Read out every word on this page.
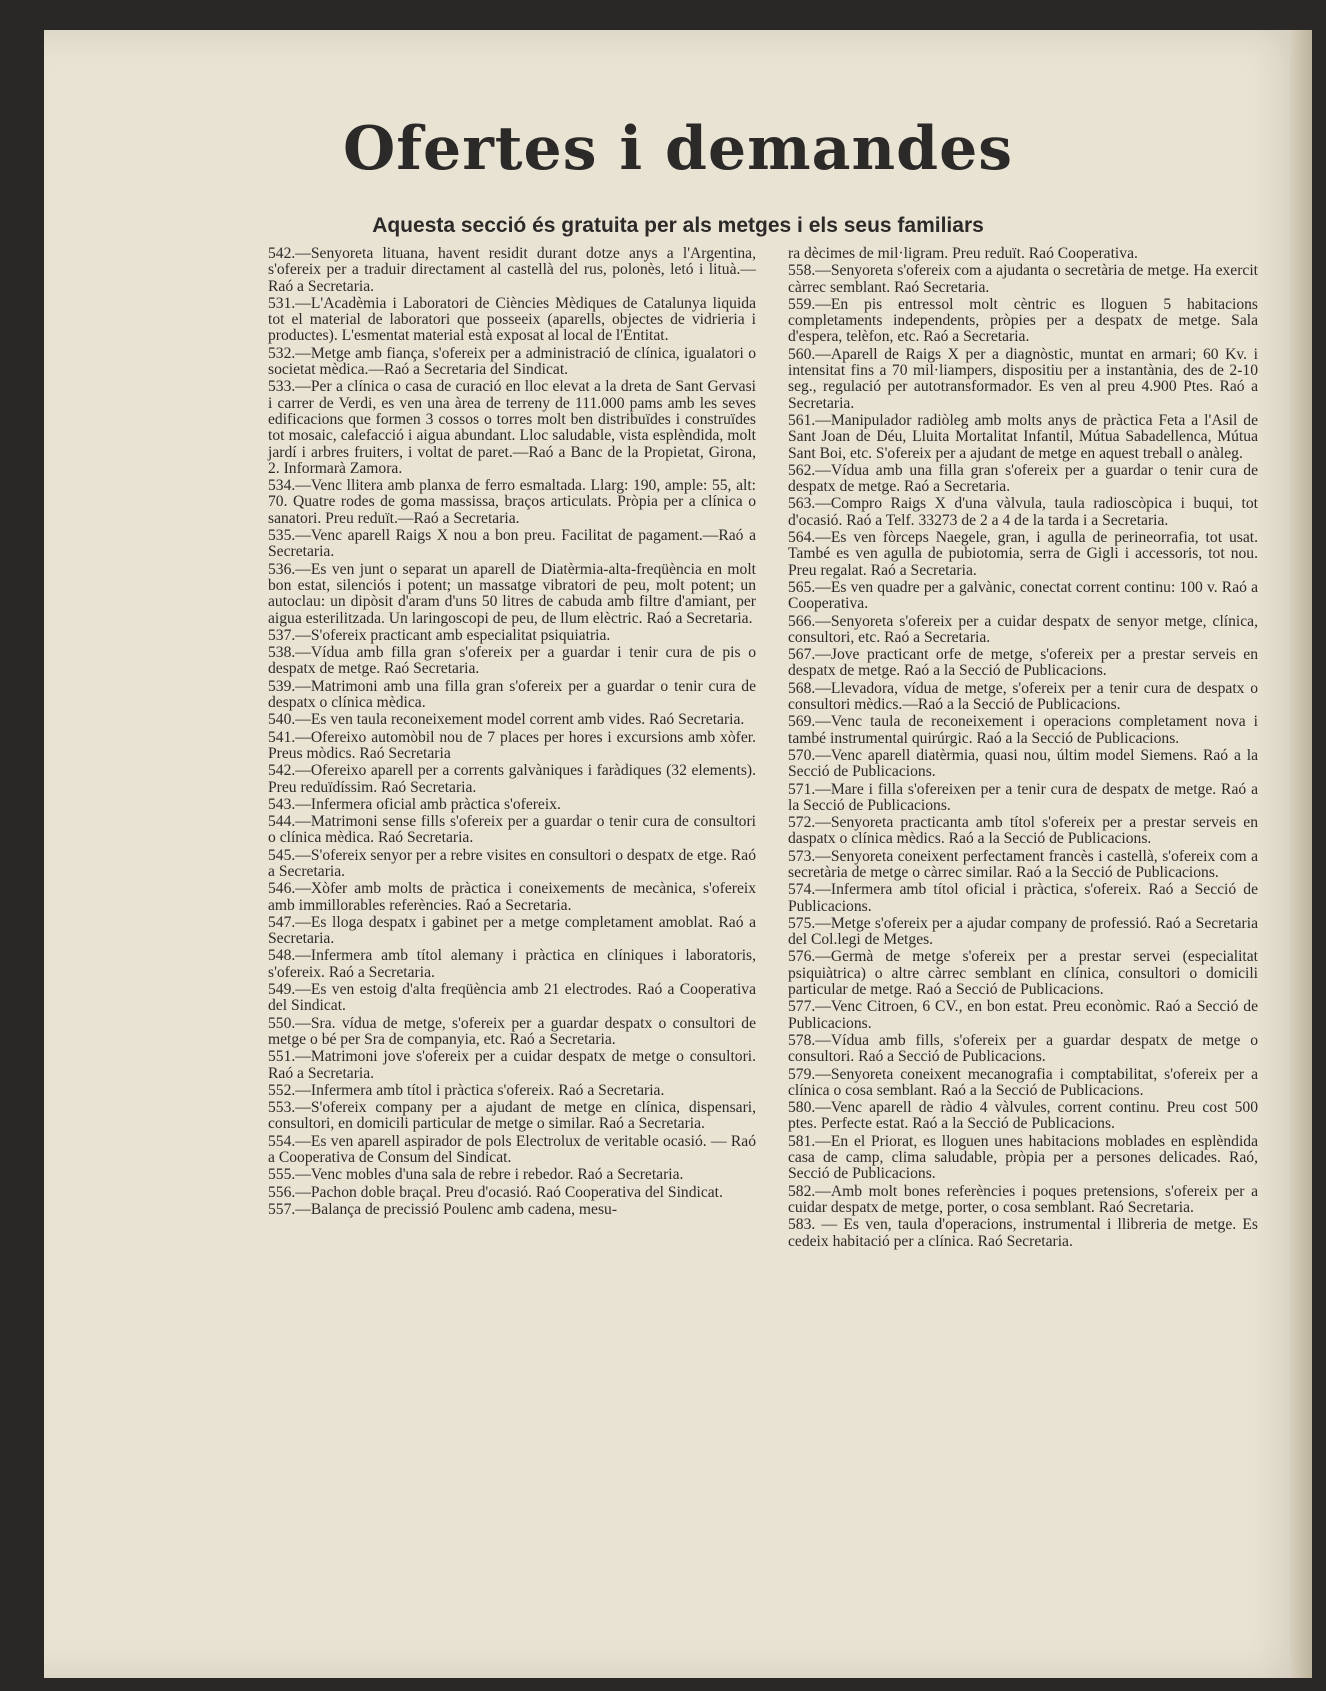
Ofertes i demandes
Aquesta secció és gratuita per als metges i els seus familiars

542.—Senyoreta lituana, havent residit durant dotze anys a l'Argentina, s'ofereix per a traduir directament al castellà del rus, polonès, letó i lituà.—Raó a Secretaria.

531.—L'Acadèmia i Laboratori de Ciències Mèdiques de Catalunya liquida tot el material de laboratori que posseeix (aparells, objectes de vidrieria i productes). L'esmentat material està exposat al local de l'Entitat.

532.—Metge amb fiança, s'ofereix per a administració de clínica, igualatori o societat mèdica.—Raó a Secretaria del Sindicat.

533.—Per a clínica o casa de curació en lloc elevat a la dreta de Sant Gervasi i carrer de Verdi, es ven una àrea de terreny de 111.000 pams amb les seves edificacions que formen 3 cossos o torres molt ben distribuïdes i construïdes tot mosaic, calefacció i aigua abundant. Lloc saludable, vista esplèndida, molt jardí i arbres fruiters, i voltat de paret.—Raó a Banc de la Propietat, Girona, 2. Informarà Zamora.

534.—Venc llitera amb planxa de ferro esmaltada. Llarg: 190, ample: 55, alt: 70. Quatre rodes de goma massissa, braços articulats. Pròpia per a clínica o sanatori. Preu reduït.—Raó a Secretaria.

535.—Venc aparell Raigs X nou a bon preu. Facilitat de pagament.—Raó a Secretaria.

536.—Es ven junt o separat un aparell de Diatèrmia-alta-freqüència en molt bon estat, silenciós i potent; un massatge vibratori de peu, molt potent; un autoclau: un dipòsit d'aram d'uns 50 litres de cabuda amb filtre d'amiant, per aigua esterilitzada. Un laringoscopi de peu, de llum elèctric. Raó a Secretaria.

537.—S'ofereix practicant amb especialitat psiquiatria.

538.—Vídua amb filla gran s'ofereix per a guardar i tenir cura de pis o despatx de metge. Raó Secretaria.

539.—Matrimoni amb una filla gran s'ofereix per a guardar o tenir cura de despatx o clínica mèdica.

540.—Es ven taula reconeixement model corrent amb vides. Raó Secretaria.

541.—Ofereixo automòbil nou de 7 places per hores i excursions amb xòfer. Preus mòdics. Raó Secretaria

542.—Ofereixo aparell per a corrents galvàniques i faràdiques (32 elements). Preu reduïdíssim. Raó Secretaria.

543.—Infermera oficial amb pràctica s'ofereix.

544.—Matrimoni sense fills s'ofereix per a guardar o tenir cura de consultori o clínica mèdica. Raó Secretaria.

545.—S'ofereix senyor per a rebre visites en consultori o despatx de etge. Raó a Secretaria.

546.—Xòfer amb molts de pràctica i coneixements de mecànica, s'ofereix amb immillorables referències. Raó a Secretaria.

547.—Es lloga despatx i gabinet per a metge completament amoblat. Raó a Secretaria.

548.—Infermera amb títol alemany i pràctica en clíniques i laboratoris, s'ofereix. Raó a Secretaria.

549.—Es ven estoig d'alta freqüència amb 21 electrodes. Raó a Cooperativa del Sindicat.

550.—Sra. vídua de metge, s'ofereix per a guardar despatx o consultori de metge o bé per Sra de companyia, etc. Raó a Secretaria.

551.—Matrimoni jove s'ofereix per a cuidar despatx de metge o consultori. Raó a Secretaria.

552.—Infermera amb títol i pràctica s'ofereix. Raó a Secretaria.

553.—S'ofereix company per a ajudant de metge en clínica, dispensari, consultori, en domicili particular de metge o similar. Raó a Secretaria.

554.—Es ven aparell aspirador de pols Electrolux de veritable ocasió. — Raó a Cooperativa de Consum del Sindicat.

555.—Venc mobles d'una sala de rebre i rebedor. Raó a Secretaria.

556.—Pachon doble braçal. Preu d'ocasió. Raó Cooperativa del Sindicat.

557.—Balança de precissió Poulenc amb cadena, mesu-

ra dècimes de mil·ligram. Preu reduït. Raó Cooperativa.

558.—Senyoreta s'ofereix com a ajudanta o secretària de metge. Ha exercit càrrec semblant. Raó Secretaria.

559.—En pis entressol molt cèntric es lloguen 5 habitacions completaments independents, pròpies per a despatx de metge. Sala d'espera, telèfon, etc. Raó a Secretaria.

560.—Aparell de Raigs X per a diagnòstic, muntat en armari; 60 Kv. i intensitat fins a 70 mil·liampers, dispositiu per a instantània, des de 2-10 seg., regulació per autotransformador. Es ven al preu 4.900 Ptes. Raó a Secretaria.

561.—Manipulador radiòleg amb molts anys de pràctica Feta a l'Asil de Sant Joan de Déu, Lluita Mortalitat Infantil, Mútua Sabadellenca, Mútua Sant Boi, etc. S'ofereix per a ajudant de metge en aquest treball o anàleg.

562.—Vídua amb una filla gran s'ofereix per a guardar o tenir cura de despatx de metge. Raó a Secretaria.

563.—Compro Raigs X d'una vàlvula, taula radioscòpica i buqui, tot d'ocasió. Raó a Telf. 33273 de 2 a 4 de la tarda i a Secretaria.

564.—Es ven fòrceps Naegele, gran, i agulla de perineorrafia, tot usat. També es ven agulla de pubiotomia, serra de Gigli i accessoris, tot nou. Preu regalat. Raó a Secretaria.

565.—Es ven quadre per a galvànic, conectat corrent continu: 100 v. Raó a Cooperativa.

566.—Senyoreta s'ofereix per a cuidar despatx de senyor metge, clínica, consultori, etc. Raó a Secretaria.

567.—Jove practicant orfe de metge, s'ofereix per a prestar serveis en despatx de metge. Raó a la Secció de Publicacions.

568.—Llevadora, vídua de metge, s'ofereix per a tenir cura de despatx o consultori mèdics.—Raó a la Secció de Publicacions.

569.—Venc taula de reconeixement i operacions completament nova i també instrumental quirúrgic. Raó a la Secció de Publicacions.

570.—Venc aparell diatèrmia, quasi nou, últim model Siemens. Raó a la Secció de Publicacions.

571.—Mare i filla s'ofereixen per a tenir cura de despatx de metge. Raó a la Secció de Publicacions.

572.—Senyoreta practicanta amb títol s'ofereix per a prestar serveis en daspatx o clínica mèdics. Raó a la Secció de Publicacions.

573.—Senyoreta coneixent perfectament francès i castellà, s'ofereix com a secretària de metge o càrrec similar. Raó a la Secció de Publicacions.

574.—Infermera amb títol oficial i pràctica, s'ofereix. Raó a Secció de Publicacions.

575.—Metge s'ofereix per a ajudar company de professió. Raó a Secretaria del Col.legi de Metges.

576.—Germà de metge s'ofereix per a prestar servei (especialitat psiquiàtrica) o altre càrrec semblant en clínica, consultori o domicili particular de metge. Raó a Secció de Publicacions.

577.—Venc Citroen, 6 CV., en bon estat. Preu econòmic. Raó a Secció de Publicacions.

578.—Vídua amb fills, s'ofereix per a guardar despatx de metge o consultori. Raó a Secció de Publicacions.

579.—Senyoreta coneixent mecanografia i comptabilitat, s'ofereix per a clínica o cosa semblant. Raó a la Secció de Publicacions.

580.—Venc aparell de ràdio 4 vàlvules, corrent continu. Preu cost 500 ptes. Perfecte estat. Raó a la Secció de Publicacions.

581.—En el Priorat, es lloguen unes habitacions moblades en esplèndida casa de camp, clima saludable, pròpia per a persones delicades. Raó, Secció de Publicacions.

582.—Amb molt bones referències i poques pretensions, s'ofereix per a cuidar despatx de metge, porter, o cosa semblant. Raó Secretaria.

583. — Es ven, taula d'operacions, instrumental i llibreria de metge. Es cedeix habitació per a clínica. Raó Secretaria.
